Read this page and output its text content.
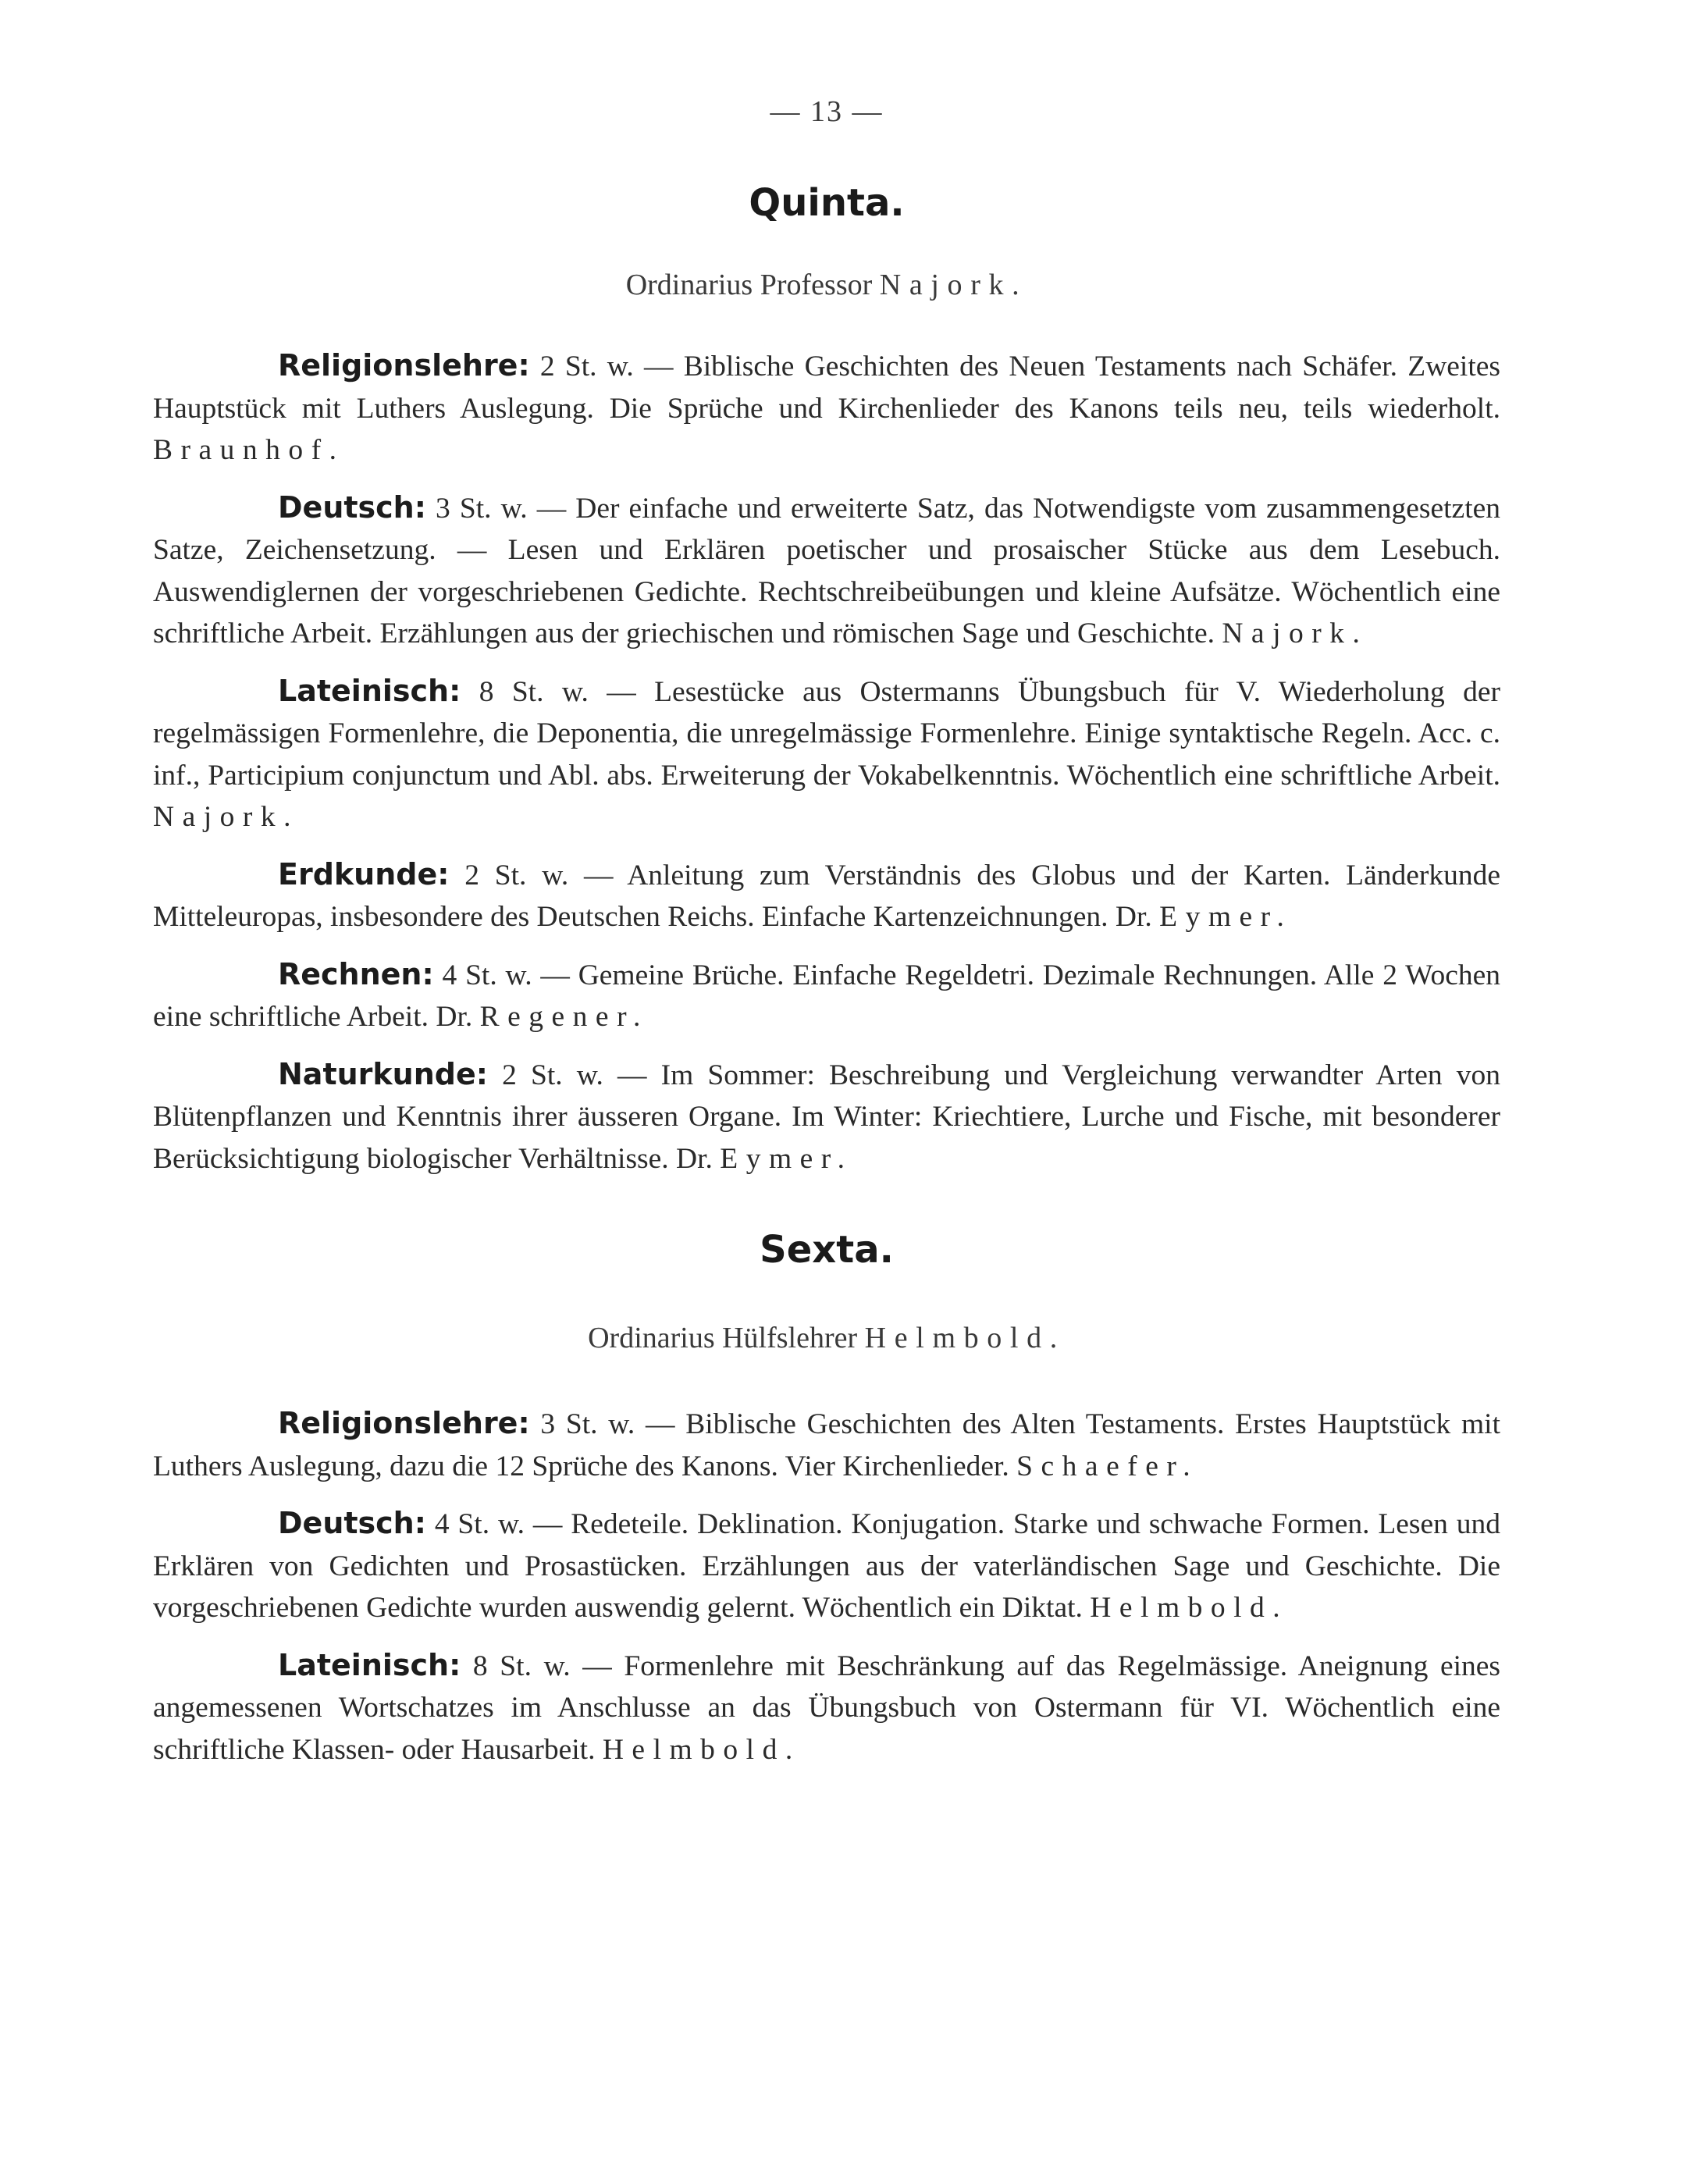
— 13 —
Quinta.
Ordinarius Professor Najork.

Religionslehre: 2 St. w. — Biblische Geschichten des Neuen Testaments nach Schäfer. Zweites Hauptstück mit Luthers Auslegung. Die Sprüche und Kirchenlieder des Kanons teils neu, teils wiederholt. Braunhof.

Deutsch: 3 St. w. — Der einfache und erweiterte Satz, das Notwendigste vom zusammengesetzten Satze, Zeichensetzung. — Lesen und Erklären poetischer und prosaischer Stücke aus dem Lesebuch. Auswendiglernen der vorgeschriebenen Gedichte. Rechtschreibeübungen und kleine Aufsätze. Wöchentlich eine schriftliche Arbeit. Erzählungen aus der griechischen und römischen Sage und Geschichte. Najork.

Lateinisch: 8 St. w. — Lesestücke aus Ostermanns Übungsbuch für V. Wiederholung der regelmässigen Formenlehre, die Deponentia, die unregelmässige Formenlehre. Einige syntaktische Regeln. Acc. c. inf., Participium conjunctum und Abl. abs. Erweiterung der Vokabelkenntnis. Wöchentlich eine schriftliche Arbeit. Najork.

Erdkunde: 2 St. w. — Anleitung zum Verständnis des Globus und der Karten. Länderkunde Mitteleuropas, insbesondere des Deutschen Reichs. Einfache Kartenzeichnungen. Dr. Eymer.

Rechnen: 4 St. w. — Gemeine Brüche. Einfache Regeldetri. Dezimale Rechnungen. Alle 2 Wochen eine schriftliche Arbeit. Dr. Regener.

Naturkunde: 2 St. w. — Im Sommer: Beschreibung und Vergleichung verwandter Arten von Blütenpflanzen und Kenntnis ihrer äusseren Organe. Im Winter: Kriechtiere, Lurche und Fische, mit besonderer Berücksichtigung biologischer Verhältnisse. Dr. Eymer.

Sexta.
Ordinarius Hülfslehrer Helmbold.

Religionslehre: 3 St. w. — Biblische Geschichten des Alten Testaments. Erstes Hauptstück mit Luthers Auslegung, dazu die 12 Sprüche des Kanons. Vier Kirchenlieder. Schaefer.

Deutsch: 4 St. w. — Redeteile. Deklination. Konjugation. Starke und schwache Formen. Lesen und Erklären von Gedichten und Prosastücken. Erzählungen aus der vaterländischen Sage und Geschichte. Die vorgeschriebenen Gedichte wurden auswendig gelernt. Wöchentlich ein Diktat. Helmbold.

Lateinisch: 8 St. w. — Formenlehre mit Beschränkung auf das Regelmässige. Aneignung eines angemessenen Wortschatzes im Anschlusse an das Übungsbuch von Ostermann für VI. Wöchentlich eine schriftliche Klassen- oder Hausarbeit. Helmbold.
